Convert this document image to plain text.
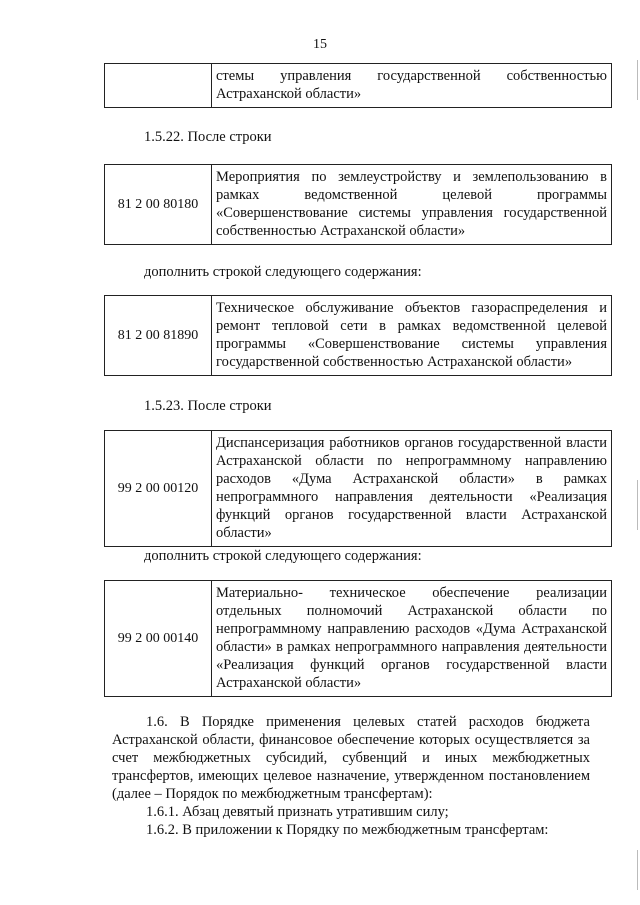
15
	стемы управления государственной собственностью Астраханской области»
1.5.22. После строки
81 2 00 80180	Мероприятия по землеустройству и землепользованию в рамках ведомственной целевой программы «Совершенствование системы управления государственной собственностью Астраханской области»
дополнить строкой следующего содержания:
81 2 00 81890	Техническое обслуживание объектов газораспределения и ремонт тепловой сети в рамках ведомственной целевой программы «Совершенствование системы управления государственной собственностью Астраханской области»
1.5.23. После строки
99 2 00 00120	Диспансеризация работников органов государственной власти Астраханской области по непрограммному направлению расходов «Дума Астраханской области» в рамках непрограммного направления деятельности «Реализация функций органов государственной власти Астраханской области»
дополнить строкой следующего содержания:
99 2 00 00140	Материально- техническое обеспечение реализации отдельных полномочий Астраханской области по непрограммному направлению расходов «Дума Астраханской области» в рамках непрограммного направления деятельности «Реализация функций органов государственной власти Астраханской области»
1.6. В Порядке применения целевых статей расходов бюджета Астраханской области, финансовое обеспечение которых осуществляется за счет межбюджетных субсидий, субвенций и иных межбюджетных трансфертов, имеющих целевое назначение, утвержденном постановлением (далее – Порядок по межбюджетным трансфертам):
1.6.1. Абзац девятый признать утратившим силу;
1.6.2. В приложении к Порядку по межбюджетным трансфертам:
